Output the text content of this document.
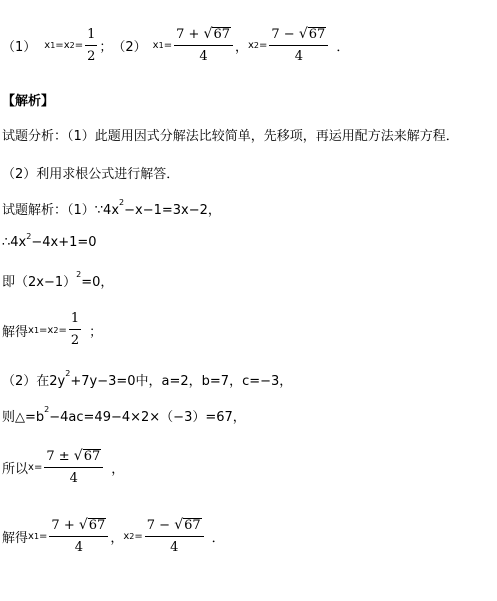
（1） x 1 = x $2 = \frac{1}{2}$ ； （2） x $1 = \frac{7 + √ 67}{4}$ ， x $2 = \frac{7 - √ 67}{4}$ ．
【解析】
试题分析：（1）此题用因式分解法比较简单，先移项，再运用配方法来解方程．
（2）利用求根公式进行解答．
试题解析：（1）∵4x
2
−x−1=3x−2，
∴4x 2 −4x+1=0
即（2x−1）
2
=0，
解得 x 1 = x $2 = \frac{1}{2}$ ；
（2）在2y
2
+7y−3=0中，a=2，b=7，c=−3，
则△=b
2
−4ac=49−4×2×（−3）=67，
所以 $x = \frac{7 \pm √ 67}{4}$ ，
解得 x $1 = \frac{7 + √ 67}{4}$ ， x $2 = \frac{7 - √ 67}{4}$ ．
